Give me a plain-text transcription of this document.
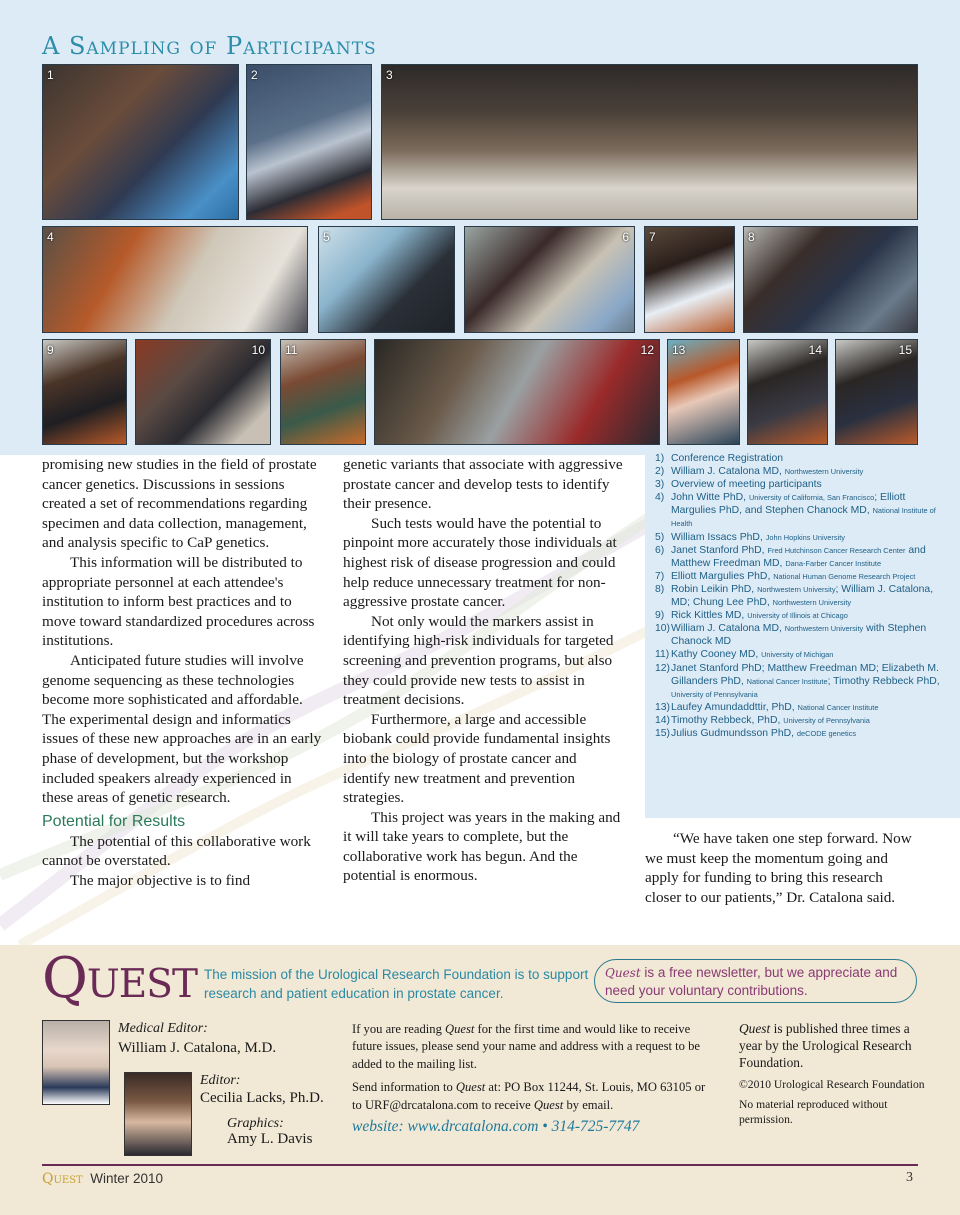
A Sampling of Participants
1	2	3
4	5	6 7	8
9	10 11	12 13	14	15

promising new studies in the field of prostate cancer genetics. Discussions in sessions created a set of recommendations regarding specimen and data collection, management, and analysis specific to CaP genetics.

This information will be distributed to appropriate personnel at each attendee's institution to inform best practices and to move toward standardized procedures across institutions.

Anticipated future studies will involve genome sequencing as these technologies become more sophisticated and affordable. The experimental design and informatics issues of these new approaches are in an early phase of development, but the workshop included speakers already experienced in these areas of genetic research.

Potential for Results

The potential of this collaborative work cannot be overstated.

The major objective is to find

genetic variants that associate with aggressive prostate cancer and develop tests to identify their presence.

Such tests would have the potential to pinpoint more accurately those individuals at highest risk of disease progression and could help reduce unnecessary treatment for non-aggressive prostate cancer.

Not only would the markers assist in identifying high-risk individuals for targeted screening and prevention programs, but also they could provide new tests to assist in treatment decisions.

Furthermore, a large and accessible biobank could provide fundamental insights into the biology of prostate cancer and identify new treatment and prevention strategies.

This project was years in the making and it will take years to complete, but the collaborative work has begun. And the potential is enormous.

1) Conference Registration
2) William J. Catalona MD, Northwestern University
3) Overview of meeting participants
4) John Witte PhD, University of California, San Francisco; Elliott Margulies PhD, and Stephen Chanock MD, National Institute of Health
5) William Issacs PhD, John Hopkins University
6) Janet Stanford PhD, Fred Hutchinson Cancer Research Center and Matthew Freedman MD, Dana-Farber Cancer Institute
7) Elliott Margulies PhD, National Human Genome Research Project
8) Robin Leikin PhD, Northwestern University; William J. Catalona, MD; Chung Lee PhD, Northwestern University
9) Rick Kittles MD, University of Illinois at Chicago
10) William J. Catalona MD, Northwestern University with Stephen Chanock MD
11) Kathy Cooney MD, University of Michigan
12) Janet Stanford PhD; Matthew Freedman MD; Elizabeth M. Gillanders PhD, National Cancer Institute; Timothy Rebbeck PhD, University of Pennsylvania
13) Laufey Amundaddttir, PhD, National Cancer Institute
14) Timothy Rebbeck, PhD, University of Pennsylvania
15) Julius Gudmundsson PhD, deCODE genetics

“We have taken one step forward. Now we must keep the momentum going and apply for funding to bring this research closer to our patients,” Dr. Catalona said.

Quest The mission of the Urological Research Foundation is to support research and patient education in prostate cancer.
Quest is a free newsletter, but we appreciate and need your voluntary contributions.
Medical Editor:
William J. Catalona, M.D.
Editor:
Cecilia Lacks, Ph.D.
Graphics:
Amy L. Davis

If you are reading Quest for the first time and would like to receive future issues, please send your name and address with a request to be added to the mailing list.

Send information to Quest at: PO Box 11244, St. Louis, MO 63105 or to URF@drcatalona.com to receive Quest by email.

website: www.drcatalona.com • 314-725-7747

Quest is published three times a year by the Urological Research Foundation.

©2010 Urological Research Foundation

No material reproduced without permission.

Quest Winter 2010	3
